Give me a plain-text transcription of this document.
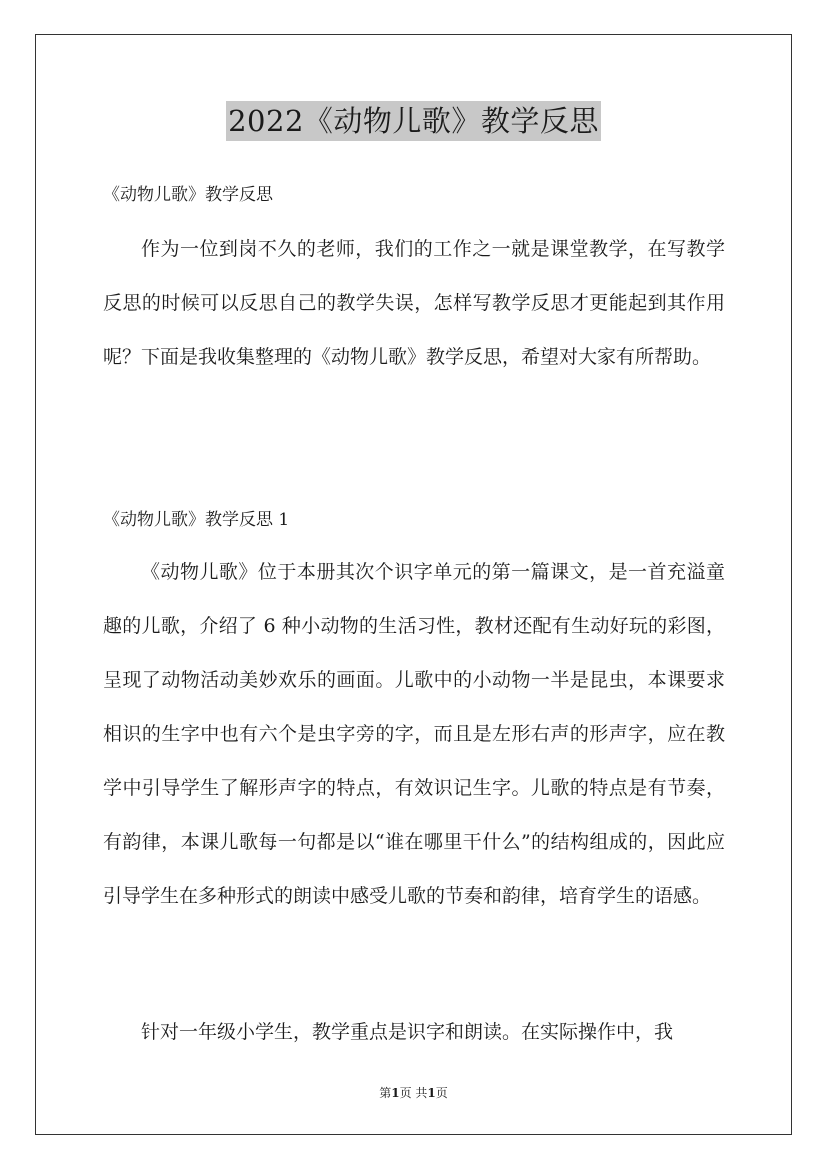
2022《动物儿歌》教学反思
《动物儿歌》教学反思

作为一位到岗不久的老师，我们的工作之一就是课堂教学，在写教学反思的时候可以反思自己的教学失误，怎样写教学反思才更能起到其作用呢？下面是我收集整理的《动物儿歌》教学反思，希望对大家有所帮助。

《动物儿歌》教学反思 1

《动物儿歌》位于本册其次个识字单元的第一篇课文，是一首充溢童趣的儿歌，介绍了 6 种小动物的生活习性，教材还配有生动好玩的彩图，呈现了动物活动美妙欢乐的画面。儿歌中的小动物一半是昆虫，本课要求相识的生字中也有六个是虫字旁的字，而且是左形右声的形声字，应在教学中引导学生了解形声字的特点，有效识记生字。儿歌的特点是有节奏，有韵律，本课儿歌每一句都是以“谁在哪里干什么”的结构组成的，因此应引导学生在多种形式的朗读中感受儿歌的节奏和韵律，培育学生的语感。

针对一年级小学生，教学重点是识字和朗读。在实际操作中，我

第1页 共1页
